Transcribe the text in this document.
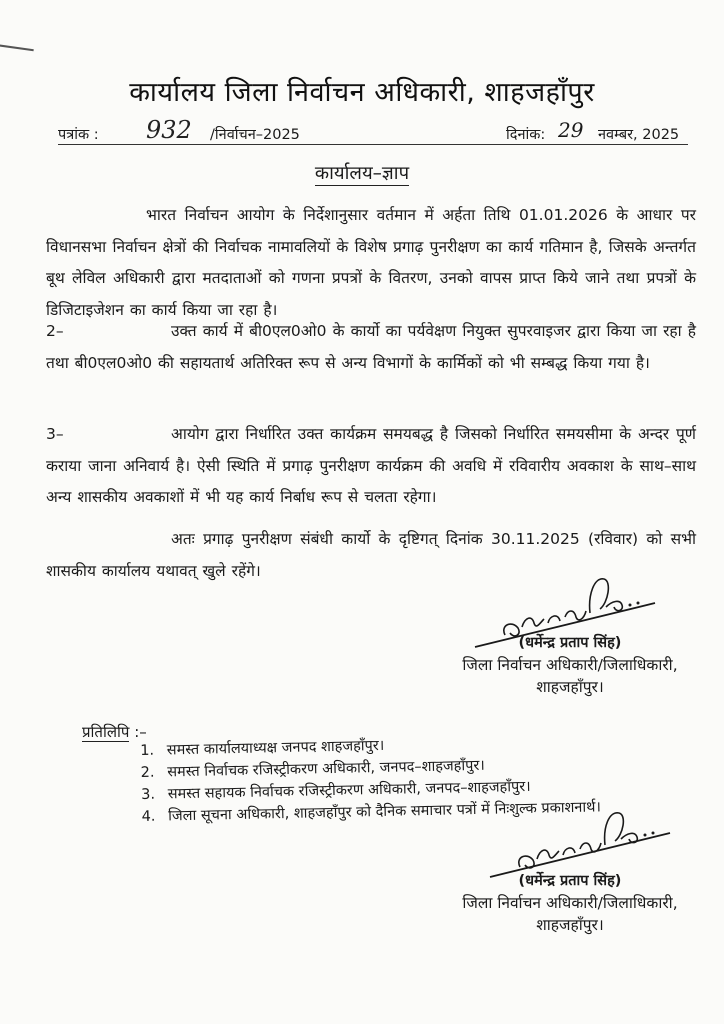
कार्यालय जिला निर्वाचन अधिकारी, शाहजहाँपुर
पत्रांक : 932 /निर्वाचन–2025	दिनांक: 29 नवम्बर, 2025
कार्यालय–ज्ञाप
भारत निर्वाचन आयोग के निर्देशानुसार वर्तमान में अर्हता तिथि 01.01.2026 के आधार पर विधानसभा निर्वाचन क्षेत्रों की निर्वाचक नामावलियों के विशेष प्रगाढ़ पुनरीक्षण का कार्य गतिमान है, जिसके अन्तर्गत बूथ लेविल अधिकारी द्वारा मतदाताओं को गणना प्रपत्रों के वितरण, उनको वापस प्राप्त किये जाने तथा प्रपत्रों के डिजिटाइजेशन का कार्य किया जा रहा है।
2–	उक्त कार्य में बी0एल0ओ0 के कार्यो का पर्यवेक्षण नियुक्त सुपरवाइजर द्वारा किया जा रहा है तथा बी0एल0ओ0 की सहायतार्थ अतिरिक्त रूप से अन्य विभागों के कार्मिकों को भी सम्बद्ध किया गया है।
3–	आयोग द्वारा निर्धारित उक्त कार्यक्रम समयबद्ध है जिसको निर्धारित समयसीमा के अन्दर पूर्ण कराया जाना अनिवार्य है। ऐसी स्थिति में प्रगाढ़ पुनरीक्षण कार्यक्रम की अवधि में रविवारीय अवकाश के साथ–साथ अन्य शासकीय अवकाशों में भी यह कार्य निर्बाध रूप से चलता रहेगा।
अतः प्रगाढ़ पुनरीक्षण संबंधी कार्यो के दृष्टिगत् दिनांक 30.11.2025 (रविवार) को सभी शासकीय कार्यालय यथावत् खुले रहेंगे।
(धर्मेन्द्र प्रताप सिंह)
जिला निर्वाचन अधिकारी/जिलाधिकारी,
शाहजहाँपुर।
प्रतिलिपि :–
1. समस्त कार्यालयाध्यक्ष जनपद शाहजहाँपुर।
2. समस्त निर्वाचक रजिस्ट्रीकरण अधिकारी, जनपद–शाहजहाँपुर।
3. समस्त सहायक निर्वाचक रजिस्ट्रीकरण अधिकारी, जनपद–शाहजहाँपुर।
4. जिला सूचना अधिकारी, शाहजहाँपुर को दैनिक समाचार पत्रों में निःशुल्क प्रकाशनार्थ।
(धर्मेन्द्र प्रताप सिंह)
जिला निर्वाचन अधिकारी/जिलाधिकारी,
शाहजहाँपुर।
